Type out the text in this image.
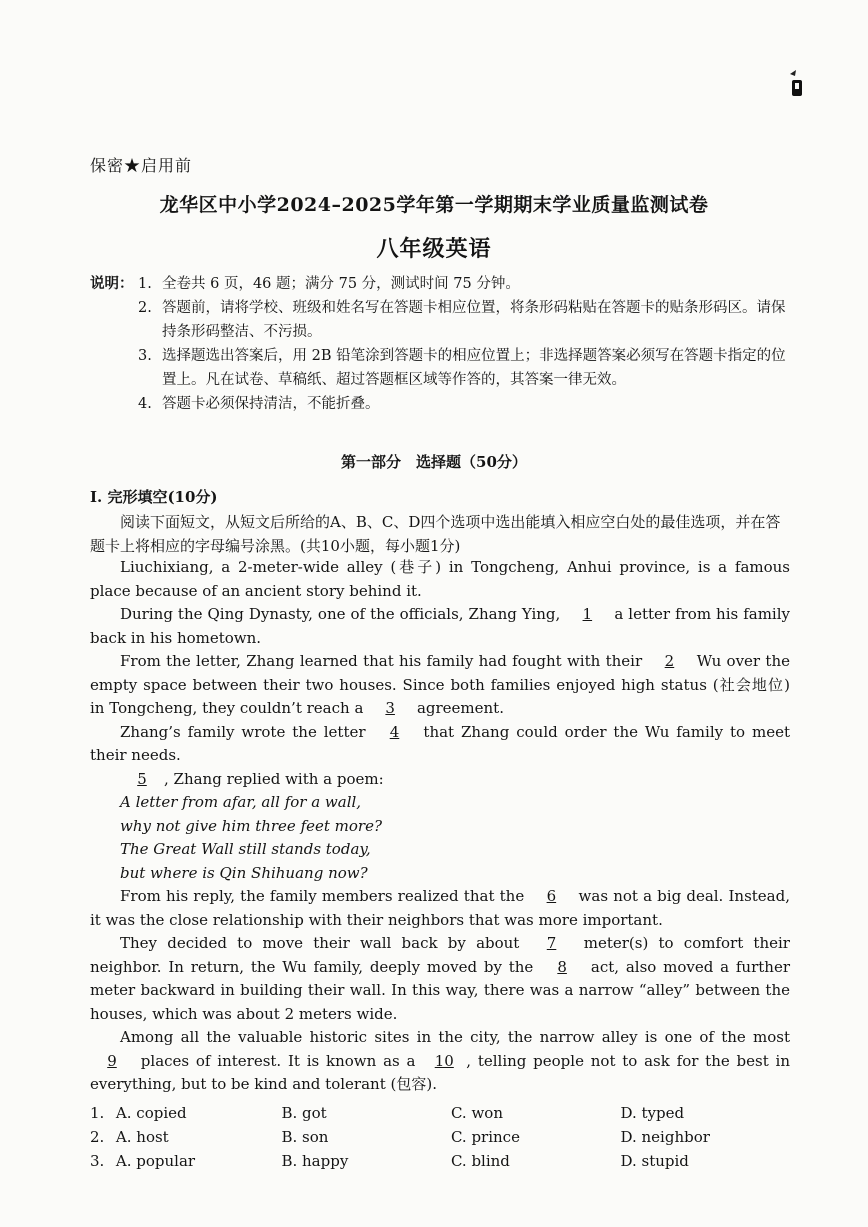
保密★启用前
龙华区中小学2024–2025学年第一学期期末学业质量监测试卷
八年级英语
说明： 1. 全卷共 6 页，46 题；满分 75 分，测试时间 75 分钟。
2. 答题前，请将学校、班级和姓名写在答题卡相应位置，将条形码粘贴在答题卡的贴条形码区。请保持条形码整洁、不污损。
3. 选择题选出答案后，用 2B 铅笔涂到答题卡的相应位置上；非选择题答案必须写在答题卡指定的位置上。凡在试卷、草稿纸、超过答题框区域等作答的，其答案一律无效。
4. 答题卡必须保持清洁，不能折叠。
第一部分　选择题（50分）
Ⅰ. 完形填空(10分)
阅读下面短文，从短文后所给的A、B、C、D四个选项中选出能填入相应空白处的最佳选项，并在答题卡上将相应的字母编号涂黑。(共10小题，每小题1分)
Liuchixiang, a 2-meter-wide alley (巷子) in Tongcheng, Anhui province, is a famous place because of an ancient story behind it.
During the Qing Dynasty, one of the officials, Zhang Ying, 1 a letter from his family back in his hometown.
From the letter, Zhang learned that his family had fought with their 2 Wu over the empty space between their two houses. Since both families enjoyed high status (社会地位) in Tongcheng, they couldn’t reach a 3 agreement.
Zhang’s family wrote the letter 4 that Zhang could order the Wu family to meet their needs.
5 , Zhang replied with a poem:
A letter from afar, all for a wall,
why not give him three feet more?
The Great Wall still stands today,
but where is Qin Shihuang now?
From his reply, the family members realized that the 6 was not a big deal. Instead, it was the close relationship with their neighbors that was more important.
They decided to move their wall back by about 7 meter(s) to comfort their neighbor. In return, the Wu family, deeply moved by the 8 act, also moved a further meter backward in building their wall. In this way, there was a narrow “alley” between the houses, which was about 2 meters wide.
Among all the valuable historic sites in the city, the narrow alley is one of the most 9 places of interest. It is known as a 10 , telling people not to ask for the best in everything, but to be kind and tolerant (包容).
1. A. copied	B. got	C. won	D. typed
2. A. host	B. son	C. prince	D. neighbor
3. A. popular	B. happy	C. blind	D. stupid
